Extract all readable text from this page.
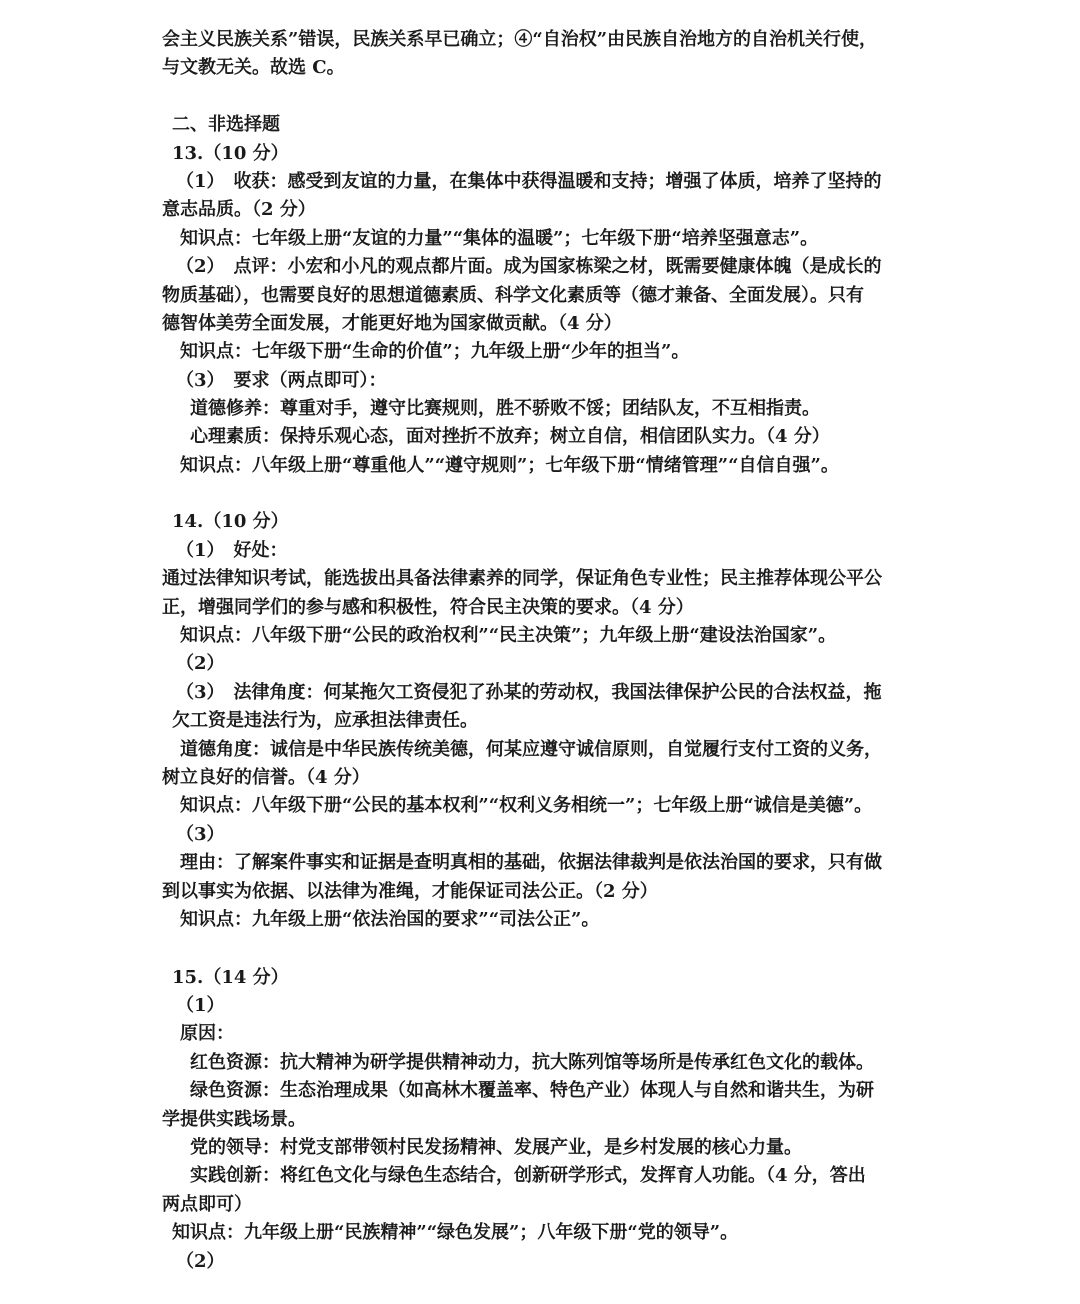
会主义民族关系”错误，民族关系早已确立；④“自治权”由民族自治地方的自治机关行使，
与文教无关。故选 C。
二、非选择题
13.（10 分）
（1）　收获：感受到友谊的力量，在集体中获得温暖和支持；增强了体质，培养了坚持的
意志品质。（2 分）
知识点：七年级上册“友谊的力量”“集体的温暖”；七年级下册“培养坚强意志”。
（2）　点评：小宏和小凡的观点都片面。成为国家栋梁之材，既需要健康体魄（是成长的
物质基础），也需要良好的思想道德素质、科学文化素质等（德才兼备、全面发展）。只有
德智体美劳全面发展，才能更好地为国家做贡献。（4 分）
知识点：七年级下册“生命的价值”；九年级上册“少年的担当”。
（3）　要求（两点即可）：
道德修养：尊重对手，遵守比赛规则，胜不骄败不馁；团结队友，不互相指责。
心理素质：保持乐观心态，面对挫折不放弃；树立自信，相信团队实力。（4 分）
知识点：八年级上册“尊重他人”“遵守规则”；七年级下册“情绪管理”“自信自强”。
14.（10 分）
（1）　好处：
通过法律知识考试，能选拔出具备法律素养的同学，保证角色专业性；民主推荐体现公平公
正，增强同学们的参与感和积极性，符合民主决策的要求。（4 分）
知识点：八年级下册“公民的政治权利”“民主决策”；九年级上册“建设法治国家”。
（2）
（3）　法律角度：何某拖欠工资侵犯了孙某的劳动权，我国法律保护公民的合法权益，拖
欠工资是违法行为，应承担法律责任。
道德角度：诚信是中华民族传统美德，何某应遵守诚信原则，自觉履行支付工资的义务，
树立良好的信誉。（4 分）
知识点：八年级下册“公民的基本权利”“权利义务相统一”；七年级上册“诚信是美德”。
（3）
理由：了解案件事实和证据是查明真相的基础，依据法律裁判是依法治国的要求，只有做
到以事实为依据、以法律为准绳，才能保证司法公正。（2 分）
知识点：九年级上册“依法治国的要求”“司法公正”。
15.（14 分）
（1）
原因：
红色资源：抗大精神为研学提供精神动力，抗大陈列馆等场所是传承红色文化的载体。
绿色资源：生态治理成果（如高林木覆盖率、特色产业）体现人与自然和谐共生，为研
学提供实践场景。
党的领导：村党支部带领村民发扬精神、发展产业，是乡村发展的核心力量。
实践创新：将红色文化与绿色生态结合，创新研学形式，发挥育人功能。（4 分，答出
两点即可）
知识点：九年级上册“民族精神”“绿色发展”；八年级下册“党的领导”。
（2）
